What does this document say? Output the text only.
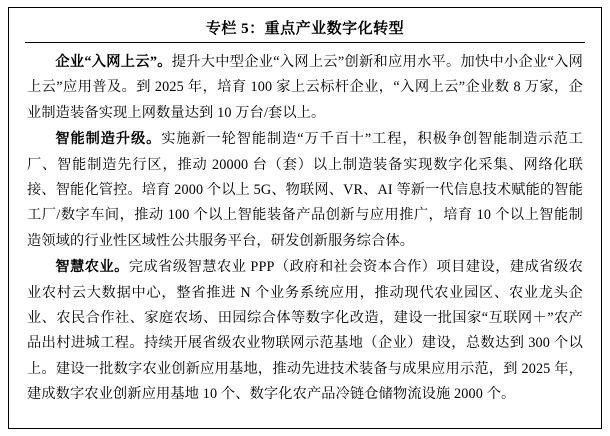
专栏 5：重点产业数字化转型

企业“入网上云”。提升大中型企业“入网上云”创新和应用水平。加快中小企业“入网上云”应用普及。到 2025 年，培育 100 家上云标杆企业，“入网上云”企业数 8 万家，企业制造装备实现上网数量达到 10 万台/套以上。

智能制造升级。实施新一轮智能制造“万千百十”工程，积极争创智能制造示范工厂、智能制造先行区，推动 20000 台（套）以上制造装备实现数字化采集、网络化联接、智能化管控。培育 2000 个以上 5G、物联网、VR、AI 等新一代信息技术赋能的智能工厂/数字车间，推动 100 个以上智能装备产品创新与应用推广，培育 10 个以上智能制造领域的行业性区域性公共服务平台，研发创新服务综合体。

智慧农业。完成省级智慧农业 PPP（政府和社会资本合作）项目建设，建成省级农业农村云大数据中心，整省推进 N 个业务系统应用，推动现代农业园区、农业龙头企业、农民合作社、家庭农场、田园综合体等数字化改造，建设一批国家“互联网＋”农产品出村进城工程。持续开展省级农业物联网示范基地（企业）建设，总数达到 300 个以上。建设一批数字农业创新应用基地，推动先进技术装备与成果应用示范，到 2025 年，建成数字农业创新应用基地 10 个、数字化农产品冷链仓储物流设施 2000 个。
